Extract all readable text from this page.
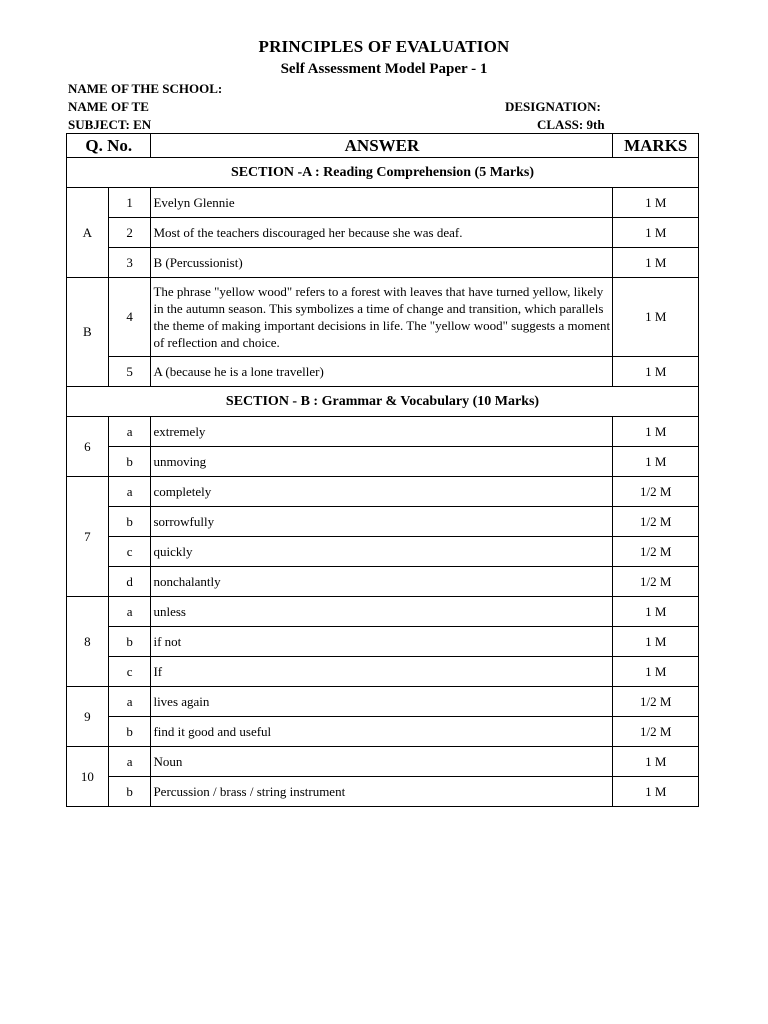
PRINCIPLES OF EVALUATION
Self Assessment Model Paper - 1
NAME OF THE SCHOOL:
NAME OF TE	DESIGNATION:
SUBJECT: EN	CLASS: 9th
Q. No.		ANSWER	MARKS
SECTION -A : Reading Comprehension (5 Marks)			
A	1	Evelyn Glennie	1 M
	2	Most of the teachers discouraged her because she was deaf.	1 M
	3	B (Percussionist)	1 M
B	4	The phrase "yellow wood" refers to a forest with leaves that have turned yellow, likely in the autumn season. This symbolizes a time of change and transition, which parallels the theme of making important decisions in life. The "yellow wood" suggests a moment of reflection and choice.	1 M
	5	A (because he is a lone traveller)	1 M
SECTION - B : Grammar & Vocabulary (10 Marks)			
6	a	extremely	1 M
	b	unmoving	1 M
7	a	completely	1/2 M
	b	sorrowfully	1/2 M
	c	quickly	1/2 M
	d	nonchalantly	1/2 M
8	a	unless	1 M
	b	if not	1 M
	c	If	1 M
9	a	lives again	1/2 M
	b	find it good and useful	1/2 M
10	a	Noun	1 M
	b	Percussion / brass / string instrument	1 M
